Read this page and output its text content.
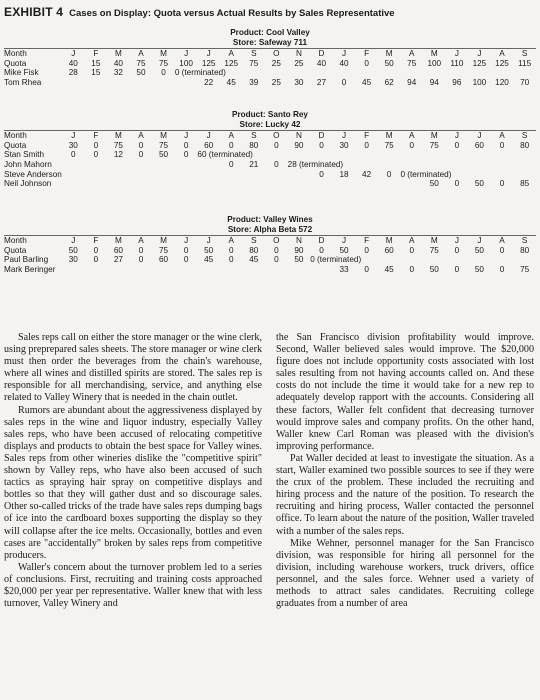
EXHIBIT 4 Cases on Display: Quota versus Actual Results by Sales Representative
Product: Cool Valley
Store: Safeway 711
Month	J	F	M	A	M	J	J	A	S	O	N	D	J	F	M	A	M	J	J	A	S
Quota	40	15	40	75	75	100	125	125	75	25	25	40	40	0	50	75	100	110	125	125	115
Mike Fisk	28	15	32	50	0	0 (terminated)															
Tom Rhea							22	45	39	25	30	27	0	45	62	94	94	96	100	120	70
Product: Santo Rey
Store: Lucky 42
Month	J	F	M	A	M	J	J	A	S	O	N	D	J	F	M	A	M	J	J	A	S
Quota	30	0	75	0	75	0	60	0	80	0	90	0	30	0	75	0	75	0	60	0	80
Stan Smith	0	0	12	0	50	0	60 (terminated)														
John Mahorn								0	21	0	28 (terminated)										
Steve Anderson												0	18	42	0	0 (terminated)					
Neil Johnson																	50	0	50	0	85
Product: Valley Wines
Store: Alpha Beta 572
Month	J	F	M	A	M	J	J	A	S	O	N	D	J	F	M	A	M	J	J	A	S
Quota	50	0	60	0	75	0	50	0	80	0	90	0	50	0	60	0	75	0	50	0	80
Paul Barling	30	0	27	0	60	0	45	0	45	0	50	0 (terminated)									
Mark Beringer													33	0	45	0	50	0	50	0	75

Sales reps call on either the store manager or the wine clerk, using preprepared sales sheets. The store manager or wine clerk must then order the beverages from the chain's warehouse, where all wines and distilled spirits are stored. The sales rep is responsible for all merchandising, service, and anything else related to Valley Winery that is needed in the chain outlet.

Rumors are abundant about the aggressiveness displayed by sales reps in the wine and liquor industry, especially Valley sales reps, who have been accused of relocating competitive displays and products to obtain the best space for Valley wines. Sales reps from other wineries dislike the "competitive spirit" shown by Valley reps, who have also been accused of such tactics as spraying hair spray on competitive displays and bottles so that they will gather dust and so discourage sales. Other so-called tricks of the trade have sales reps dumping bags of ice into the cardboard boxes supporting the display so they will collapse after the ice melts. Occasionally, bottles and even cases are "accidentally" broken by sales reps from competitive producers.

Waller's concern about the turnover problem led to a series of conclusions. First, recruiting and training costs approached $20,000 per year per representative. Waller knew that with less turnover, Valley Winery and

the San Francisco division profitability would improve. Second, Waller believed sales would improve. The $20,000 figure does not include opportunity costs associated with lost sales resulting from not having accounts called on. And these costs do not include the time it would take for a new rep to adequately develop rapport with the accounts. Considering all these factors, Waller felt confident that decreasing turnover would improve sales and company profits. On the other hand, Waller knew Carl Roman was pleased with the division's improving performance.

Pat Waller decided at least to investigate the situation. As a start, Waller examined two possible sources to see if they were the crux of the problem. These included the recruiting and hiring process and the nature of the position. To research the recruiting and hiring process, Waller contacted the personnel office. To learn about the nature of the position, Waller traveled with a number of the sales reps.

Mike Wehner, personnel manager for the San Francisco division, was responsible for hiring all personnel for the division, including warehouse workers, truck drivers, office personnel, and the sales force. Wehner used a variety of methods to attract sales candidates. Recruiting college graduates from a number of area
